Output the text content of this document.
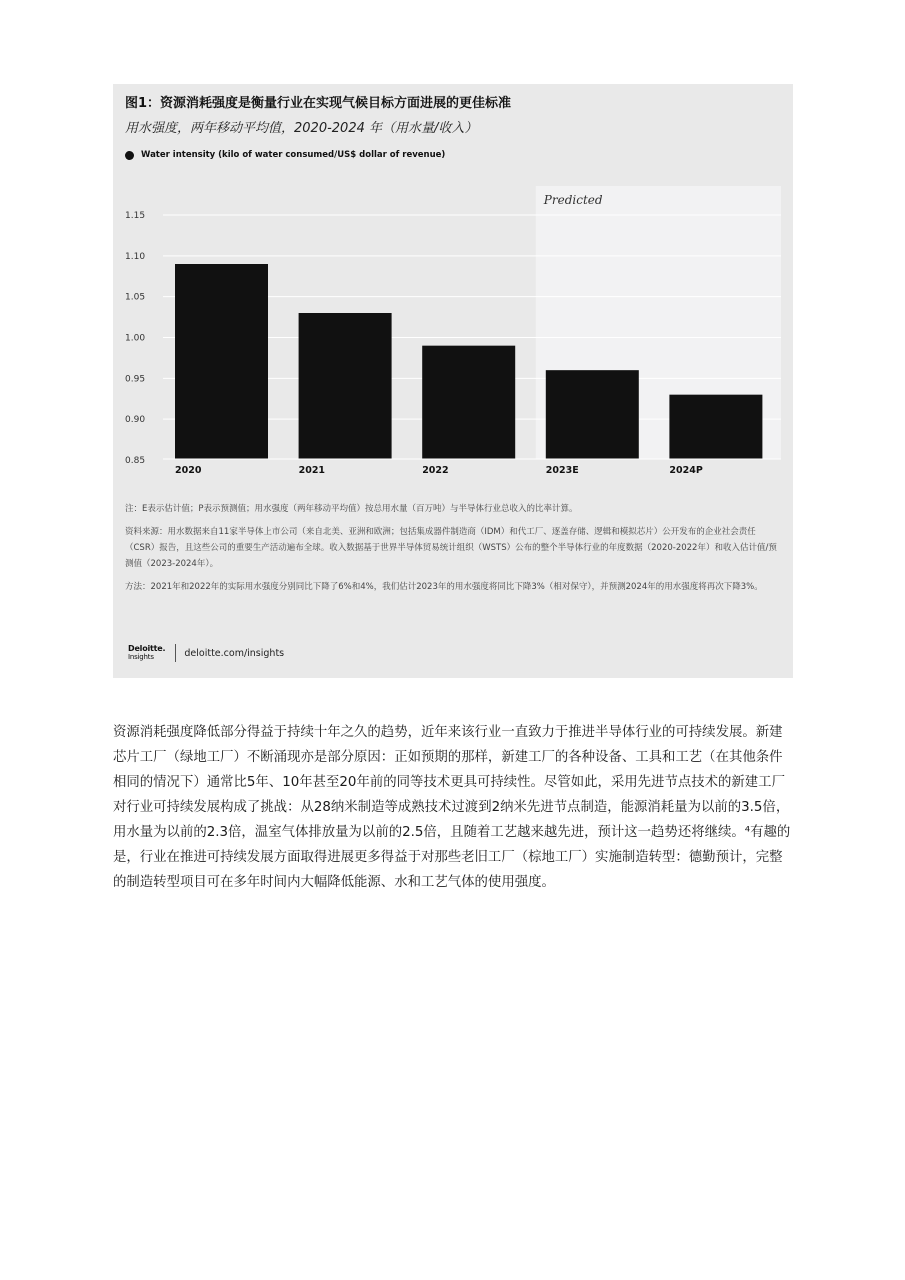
图1：资源消耗强度是衡量行业在实现气候目标方面进展的更佳标准
用水强度，两年移动平均值，2020-2024 年（用水量/收入）
Water intensity (kilo of water consumed/US$ dollar of revenue)
Predicted
0.85
0.90
0.95
1.00
1.05
1.10
1.15
2020	2021	2022	2023E	2024P

注：E表示估计值；P表示预测值；用水强度（两年移动平均值）按总用水量（百万吨）与半导体行业总收入的比率计算。

资料来源：用水数据来自11家半导体上市公司（来自北美、亚洲和欧洲；包括集成器件制造商（IDM）和代工厂、逐盖存储、逻辑和模拟芯片）公开发布的企业社会责任（CSR）报告，且这些公司的重要生产活动遍布全球。收入数据基于世界半导体贸易统计组织（WSTS）公布的整个半导体行业的年度数据（2020-2022年）和收入估计值/预测值（2023-2024年）。

方法：2021年和2022年的实际用水强度分别同比下降了6%和4%，我们估计2023年的用水强度将同比下降3%（相对保守），并预测2024年的用水强度将再次下降3%。

Deloitte.
Insights	deloitte.com/insights

资源消耗强度降低部分得益于持续十年之久的趋势，近年来该行业一直致力于推进半导体行业的可持续发展。新建芯片工厂（绿地工厂）不断涌现亦是部分原因：正如预期的那样，新建工厂的各种设备、工具和工艺（在其他条件相同的情况下）通常比5年、10年甚至20年前的同等技术更具可持续性。尽管如此，采用先进节点技术的新建工厂对行业可持续发展构成了挑战：从28纳米制造等成熟技术过渡到2纳米先进节点制造，能源消耗量为以前的3.5倍，用水量为以前的2.3倍，温室气体排放量为以前的2.5倍，且随着工艺越来越先进，预计这一趋势还将继续。⁴有趣的是，行业在推进可持续发展方面取得进展更多得益于对那些老旧工厂（棕地工厂）实施制造转型：德勤预计，完整的制造转型项目可在多年时间内大幅降低能源、水和工艺气体的使用强度。
